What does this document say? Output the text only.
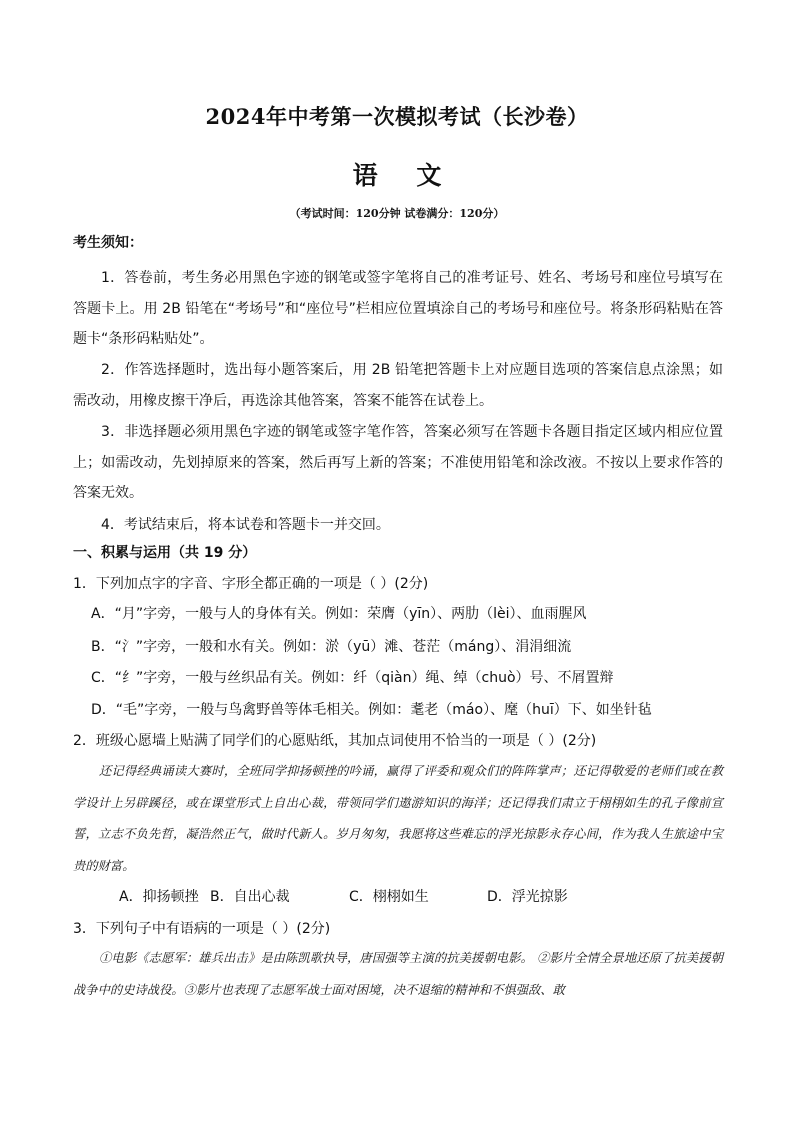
2024年中考第一次模拟考试（长沙卷）
语 文
（考试时间：120分钟 试卷满分：120分）
考生须知：

1．答卷前，考生务必用黑色字迹的钢笔或签字笔将自己的准考证号、姓名、考场号和座位号填写在答题卡上。用 2B 铅笔在“考场号”和“座位号”栏相应位置填涂自己的考场号和座位号。将条形码粘贴在答题卡“条形码粘贴处”。

2．作答选择题时，选出每小题答案后，用 2B 铅笔把答题卡上对应题目选项的答案信息点涂黑；如需改动，用橡皮擦干净后，再选涂其他答案，答案不能答在试卷上。

3．非选择题必须用黑色字迹的钢笔或签字笔作答，答案必须写在答题卡各题目指定区域内相应位置上；如需改动，先划掉原来的答案，然后再写上新的答案；不准使用铅笔和涂改液。不按以上要求作答的答案无效。

4．考试结束后，将本试卷和答题卡一并交回。

一、积累与运用（共 19 分）

1．下列加点字的字音、字形全都正确的一项是（ ）(2分)

A．“月”字旁，一般与人的身体有关。例如：荣膺（yīn）、两肋（lèi）、血雨腥风

B．“氵”字旁，一般和水有关。例如：淤（yū）滩、苍茫（máng）、涓涓细流

C．“纟”字旁，一般与丝织品有关。例如：纤（qiàn）绳、绰（chuò）号、不屑置辩

D．“毛”字旁，一般与鸟禽野兽等体毛相关。例如：耄老（máo）、麾（huī）下、如坐针毡

2．班级心愿墙上贴满了同学们的心愿贴纸，其加点词使用不恰当的一项是（ ）(2分)

还记得经典诵读大赛时，全班同学抑扬顿挫的吟诵，赢得了评委和观众们的阵阵掌声；还记得敬爱的老师们或在教学设计上另辟蹊径，或在课堂形式上自出心裁，带领同学们遨游知识的海洋；还记得我们肃立于栩栩如生的孔子像前宣誓，立志不负先哲，凝浩然正气，做时代新人。岁月匆匆，我愿将这些难忘的浮光掠影永存心间，作为我人生旅途中宝贵的财富。

A．抑扬顿挫 B．自出心裁	C．栩栩如生	D．浮光掠影

3．下列句子中有语病的一项是（ ）(2分)

①电影《志愿军：雄兵出击》是由陈凯歌执导，唐国强等主演的抗美援朝电影。 ②影片全情全景地还原了抗美援朝战争中的史诗战役。③影片也表现了志愿军战士面对困境，决不退缩的精神和不惧强敌、敢
